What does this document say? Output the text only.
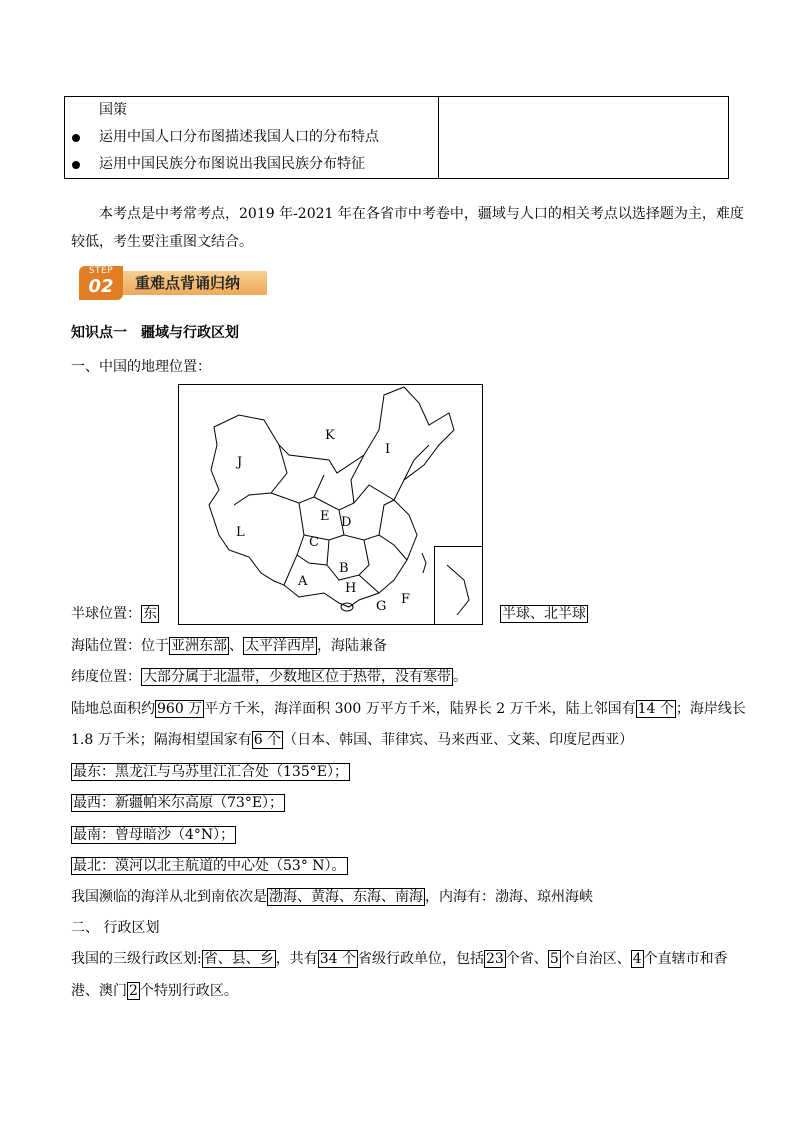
国策
运用中国人口分布图描述我国人口的分布特点
运用中国民族分布图说出我国民族分布特征

本考点是中考常考点，2019 年-2021 年在各省市中考卷中，疆域与人口的相关考点以选择题为主，难度
较低，考生要注重图文结合。
STEP
02	重难点背诵归纳
知识点一　疆域与行政区划
一、中国的地理位置：
K
I
J
E D
L
C
A
B
H
G F
半球位置： 东	半球、北半球
海陆位置：位于 亚洲东部 、 太平洋西岸 ，海陆兼备
纬度位置： 大部分属于北温带，少数地区位于热带，没有寒带 。
陆地总面积约 960 万 平方千米，海洋面积 300 万平方千米，陆界长 2 万千米，陆上邻国有 14 个 ；海岸线长
1.8 万千米；隔海相望国家有 6 个 （日本、韩国、菲律宾、马来西亚、文莱、印度尼西亚）
最东：黑龙江与乌苏里江汇合处（135°E）；
最西：新疆帕米尔高原（73°E）；
最南：曾母暗沙（4°N）；
最北：漠河以北主航道的中心处（53° N）。
我国濒临的海洋从北到南依次是 渤海、黄海、东海、南海 ，内海有：渤海、琼州海峡
二、 行政区划
我国的三级行政区划: 省、县、乡 ，共有 34 个 省级行政单位，包括 23 个省、 5 个自治区、 4 个直辖市和香
港、澳门 2 个特别行政区。
